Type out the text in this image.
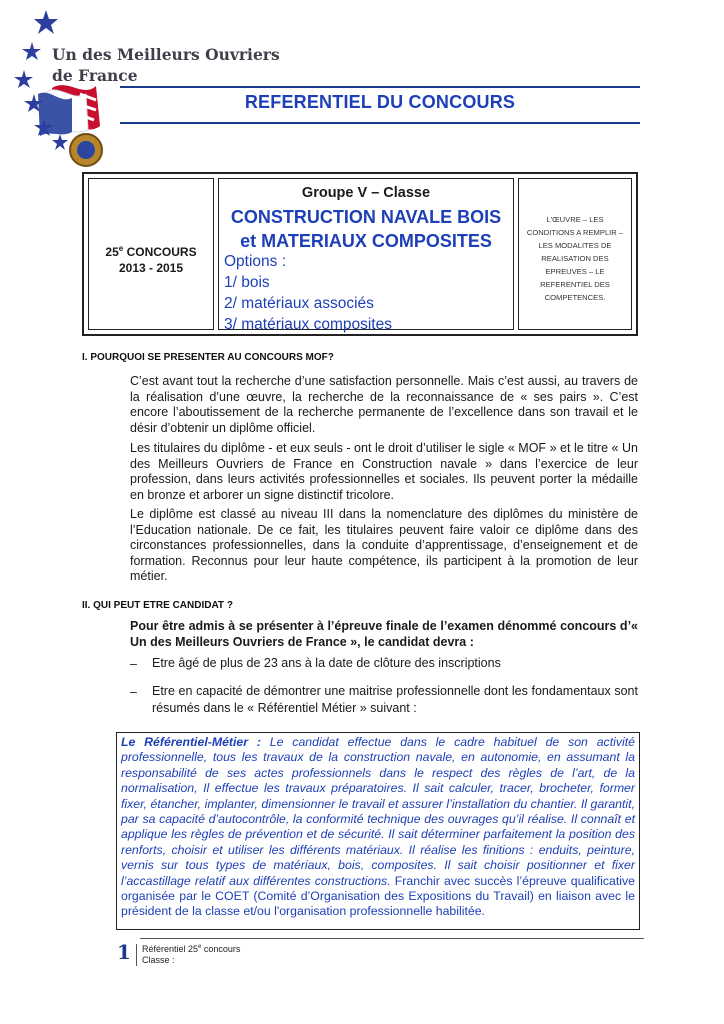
Un des Meilleurs Ouvriers
de France
REFERENTIEL DU CONCOURS
25e CONCOURS
2013 - 2015
Groupe V – Classe
CONSTRUCTION NAVALE BOIS
et MATERIAUX COMPOSITES
Options :
1/ bois
2/ matériaux associés
3/ matériaux composites
L'ŒUVRE – LES CONDITIONS A REMPLIR – LES MODALITES DE REALISATION DES EPREUVES – LE REFERENTIEL DES COMPETENCES.
I. POURQUOI SE PRESENTER AU CONCOURS MOF?
C’est avant tout la recherche d’une satisfaction personnelle. Mais c’est aussi, au travers de la réalisation d’une œuvre, la recherche de la reconnaissance de « ses pairs ». C’est encore l’aboutissement de la recherche permanente de l’excellence dans son travail et le désir d’obtenir un diplôme officiel.
Les titulaires du diplôme - et eux seuls - ont le droit d’utiliser le sigle « MOF » et le titre « Un des Meilleurs Ouvriers de France en Construction navale » dans l’exercice de leur profession, dans leurs activités professionnelles et sociales. Ils peuvent porter la médaille en bronze et arborer un signe distinctif tricolore.
Le diplôme est classé au niveau III dans la nomenclature des diplômes du ministère de l’Education nationale. De ce fait, les titulaires peuvent faire valoir ce diplôme dans des circonstances professionnelles, dans la conduite d’apprentissage, d’enseignement et de formation. Reconnus pour leur haute compétence, ils participent à la promotion de leur métier.
II. QUI PEUT ETRE CANDIDAT ?
Pour être admis à se présenter à l’épreuve finale de l’examen dénommé concours d’« Un des Meilleurs Ouvriers de France », le candidat devra :
– Etre âgé de plus de 23 ans à la date de clôture des inscriptions
– Etre en capacité de démontrer une maitrise professionnelle dont les fondamentaux sont résumés dans le « Référentiel Métier » suivant :
Le Référentiel-Métier : Le candidat effectue dans le cadre habituel de son activité professionnelle, tous les travaux de la construction navale, en autonomie, en assumant la responsabilité de ses actes professionnels dans le respect des règles de l’art, de la normalisation, Il effectue les travaux préparatoires. Il sait calculer, tracer, brocheter, former fixer, étancher, implanter, dimensionner le travail et assurer l’installation du chantier. Il garantit, par sa capacité d’autocontrôle, la conformité technique des ouvrages qu’il réalise. Il connaît et applique les règles de prévention et de sécurité. Il sait déterminer parfaitement la position des renforts, choisir et utiliser les différents matériaux. Il réalise les finitions : enduits, peinture, vernis sur tous types de matériaux, bois, composites. Il sait choisir positionner et fixer l’accastillage relatif aux différentes constructions. Franchir avec succès l’épreuve qualificative organisée par le COET (Comité d’Organisation des Expositions du Travail) en liaison avec le président de la classe et/ou l'organisation professionnelle habilitée.
1 Référentiel 25e concours
Classe :
